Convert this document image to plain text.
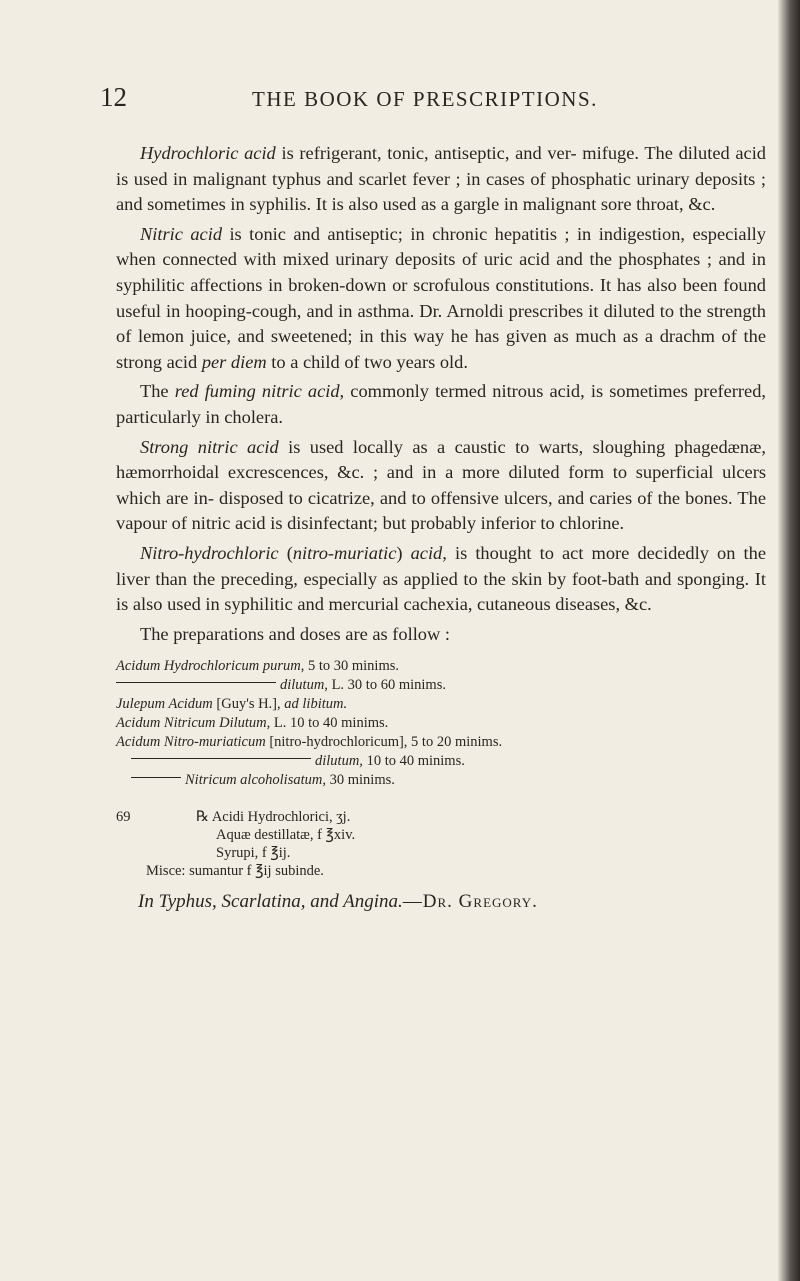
12	THE BOOK OF PRESCRIPTIONS.

Hydrochloric acid is refrigerant, tonic, antiseptic, and ver- mifuge. The diluted acid is used in malignant typhus and scarlet fever ; in cases of phosphatic urinary deposits ; and sometimes in syphilis. It is also used as a gargle in malignant sore throat, &c.

Nitric acid is tonic and antiseptic; in chronic hepatitis ; in indigestion, especially when connected with mixed urinary deposits of uric acid and the phosphates ; and in syphilitic affections in broken-down or scrofulous constitutions. It has also been found useful in hooping-cough, and in asthma. Dr. Arnoldi prescribes it diluted to the strength of lemon juice, and sweetened; in this way he has given as much as a drachm of the strong acid per diem to a child of two years old.

The red fuming nitric acid, commonly termed nitrous acid, is sometimes preferred, particularly in cholera.

Strong nitric acid is used locally as a caustic to warts, sloughing phagedænæ, hæmorrhoidal excrescences, &c. ; and in a more diluted form to superficial ulcers which are in- disposed to cicatrize, and to offensive ulcers, and caries of the bones. The vapour of nitric acid is disinfectant; but probably inferior to chlorine.

Nitro-hydrochloric (nitro-muriatic) acid, is thought to act more decidedly on the liver than the preceding, especially as applied to the skin by foot-bath and sponging. It is also used in syphilitic and mercurial cachexia, cutaneous diseases, &c.

The preparations and doses are as follow :

Acidum Hydrochloricum purum, 5 to 30 minims.
dilutum, L. 30 to 60 minims.
Julepum Acidum [Guy's H.], ad libitum.
Acidum Nitricum Dilutum, L. 10 to 40 minims.
Acidum Nitro-muriaticum [nitro-hydrochloricum], 5 to 20 minims.
dilutum, 10 to 40 minims.
Nitricum alcoholisatum, 30 minims.
69	℞ Acidi Hydrochlorici, ʒj.
Aquæ destillatæ, f ℥xiv.
Syrupi, f ℥ij.
Misce: sumantur f ℥ij subinde.
In Typhus, Scarlatina, and Angina.—Dr. Gregory.
